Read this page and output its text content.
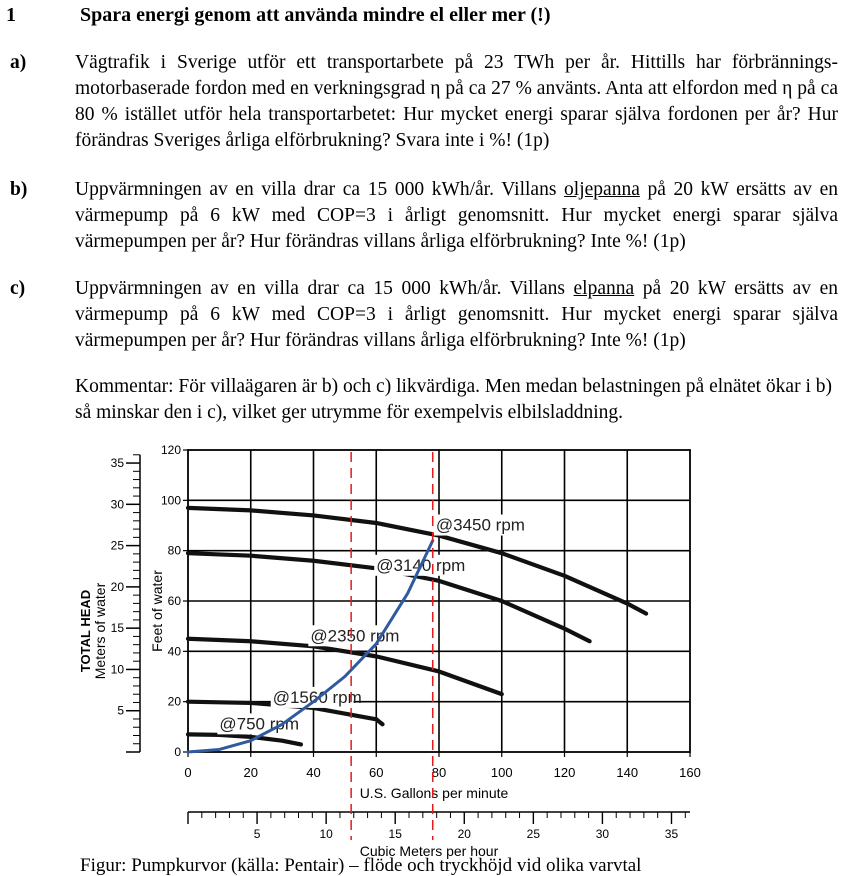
1	Spara energi genom att använda mindre el eller mer (!)
a)	Vägtrafik i Sverige utför ett transportarbete på 23 TWh per år. Hittills har förbrännings-motorbaserade fordon med en verkningsgrad η på ca 27 % använts. Anta att elfordon med η på ca 80 % istället utför hela transportarbetet: Hur mycket energi sparar själva fordonen per år? Hur förändras Sveriges årliga elförbrukning? Svara inte i %! (1p)
b) Uppvärmningen av en villa drar ca 15 000 kWh/år. Villans oljepanna på 20 kW ersätts av en värmepump på 6 kW med COP=3 i årligt genomsnitt. Hur mycket energi sparar själva värmepumpen per år? Hur förändras villans årliga elförbrukning? Inte %! (1p)
c)	Uppvärmningen av en villa drar ca 15 000 kWh/år. Villans elpanna på 20 kW ersätts av en värmepump på 6 kW med COP=3 i årligt genomsnitt. Hur mycket energi sparar själva värmepumpen per år? Hur förändras villans årliga elförbrukning? Inte %! (1p)
Kommentar: För villaägaren är b) och c) likvärdiga. Men medan belastningen på elnätet ökar i b) så minskar den i c), vilket ger utrymme för exempelvis elbilsladdning.
0	20	40	60	80	100	120	140	160
U.S. Gallons per minute
0
20
40
60
80
100
120
Feet of water
5
10
15
20
25
30
35
TOTAL HEAD Meters of water
5	10	15	20	25	30	35
Cubic Meters per hour
@3450 rpm
@3140 rpm
@2350 rpm
@1560 rpm
@750 rpm
Figur: Pumpkurvor (källa: Pentair) – flöde och tryckhöjd vid olika varvtal
